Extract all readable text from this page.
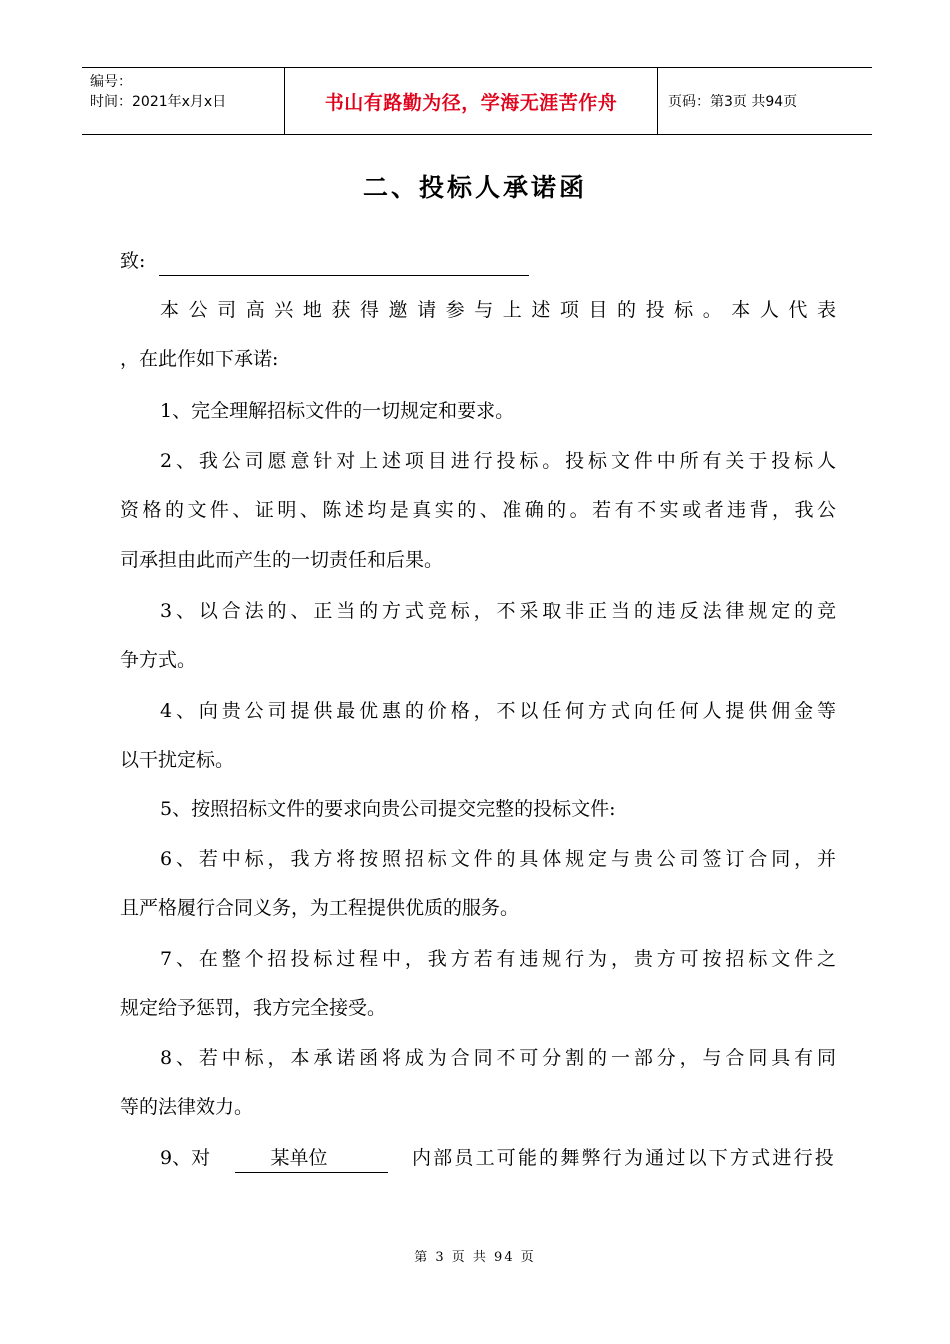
编号：
时间：2021年x月x日	书山有路勤为径，学海无涯苦作舟	页码：第3页 共94页
二、投标人承诺函
致:
本公司高兴地获得邀请参与上述项目的投标。本人代表
，在此作如下承诺:
1、完全理解招标文件的一切规定和要求。
2、我公司愿意针对上述项目进行投标。投标文件中所有关于投标人
资格的文件、证明、陈述均是真实的、准确的。若有不实或者违背，我公
司承担由此而产生的一切责任和后果。
3、以合法的、正当的方式竞标，不采取非正当的违反法律规定的竞
争方式。
4、向贵公司提供最优惠的价格，不以任何方式向任何人提供佣金等
以干扰定标。
5、按照招标文件的要求向贵公司提交完整的投标文件:
6、若中标，我方将按照招标文件的具体规定与贵公司签订合同，并
且严格履行合同义务，为工程提供优质的服务。
7、在整个招投标过程中，我方若有违规行为，贵方可按招标文件之
规定给予惩罚，我方完全接受。
8、若中标，本承诺函将成为合同不可分割的一部分，与合同具有同
等的法律效力。
9、对	某单位	内部员工可能的舞弊行为通过以下方式进行投
第 3 页 共 94 页
